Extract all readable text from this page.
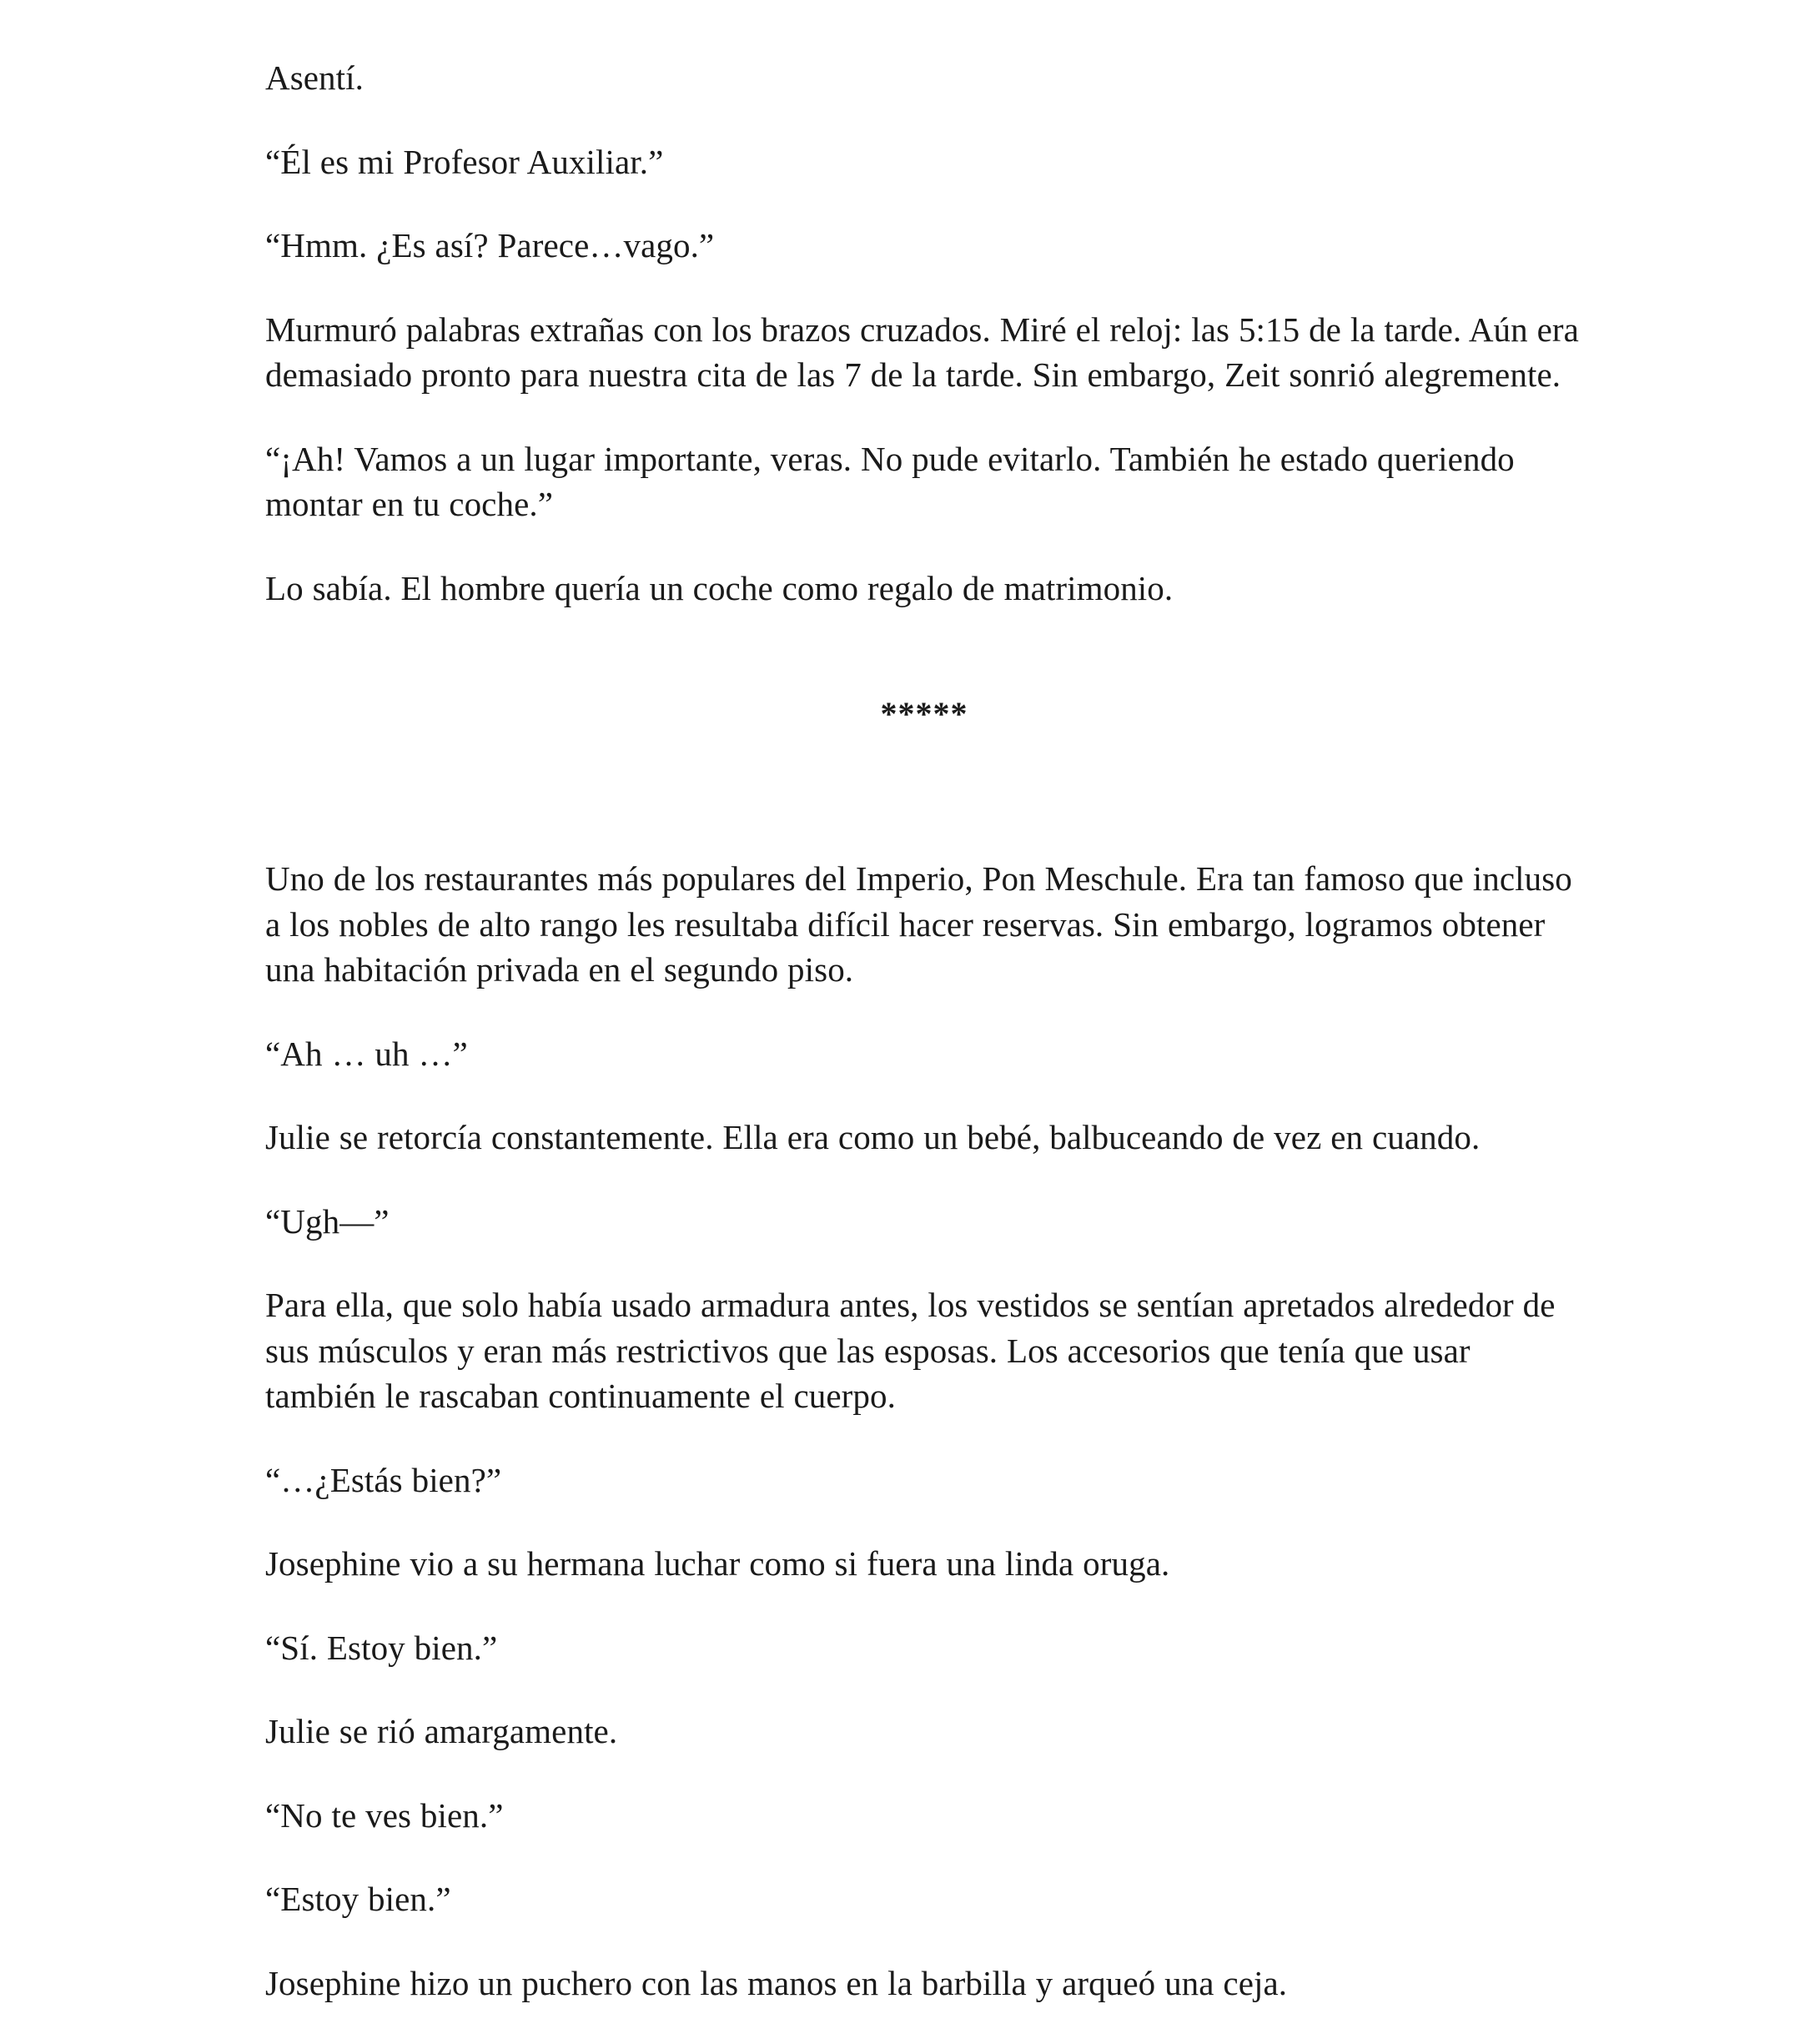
Asentí.

“Él es mi Profesor Auxiliar.”

“Hmm. ¿Es así? Parece…vago.”

Murmuró palabras extrañas con los brazos cruzados. Miré el reloj: las 5:15 de la tarde. Aún era demasiado pronto para nuestra cita de las 7 de la tarde. Sin embargo, Zeit sonrió alegremente.

“¡Ah! Vamos a un lugar importante, veras. No pude evitarlo. También he estado queriendo montar en tu coche.”

Lo sabía. El hombre quería un coche como regalo de matrimonio.

*****

Uno de los restaurantes más populares del Imperio, Pon Meschule. Era tan famoso que incluso a los nobles de alto rango les resultaba difícil hacer reservas. Sin embargo, logramos obtener una habitación privada en el segundo piso.

“Ah … uh …”

Julie se retorcía constantemente. Ella era como un bebé, balbuceando de vez en cuando.

“Ugh—”

Para ella, que solo había usado armadura antes, los vestidos se sentían apretados alrededor de sus músculos y eran más restrictivos que las esposas. Los accesorios que tenía que usar también le rascaban continuamente el cuerpo.

“…¿Estás bien?”

Josephine vio a su hermana luchar como si fuera una linda oruga.

“Sí. Estoy bien.”

Julie se rió amargamente.

“No te ves bien.”

“Estoy bien.”

Josephine hizo un puchero con las manos en la barbilla y arqueó una ceja.
